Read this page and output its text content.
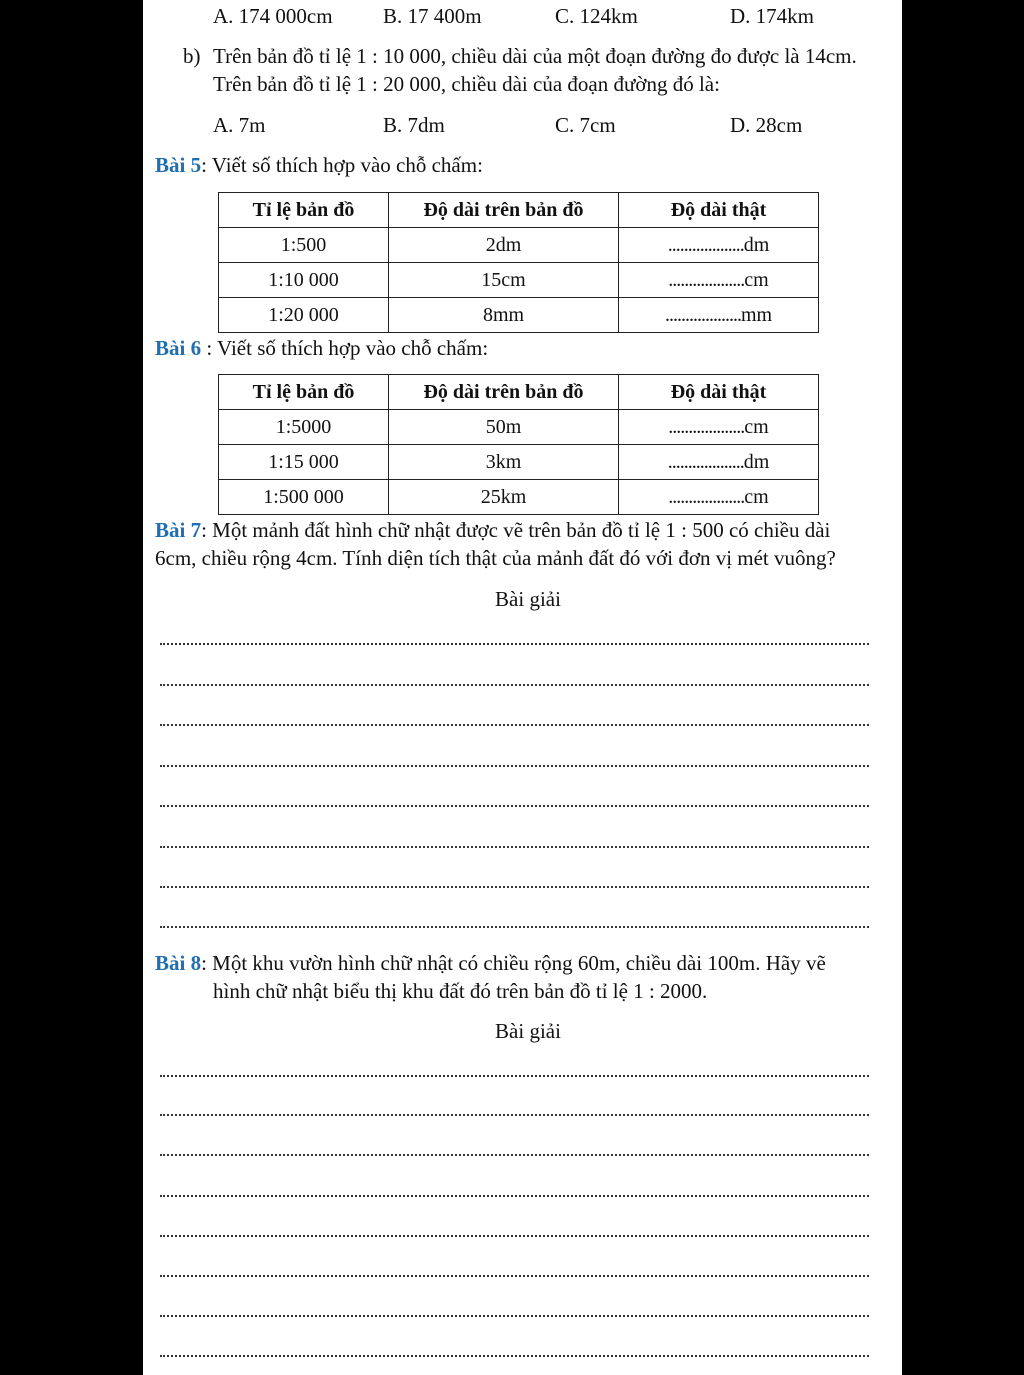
A. 174 000cm B. 17 400m	C. 124km	D. 174km
b) Trên bản đồ tỉ lệ 1 : 10 000, chiều dài của một đoạn đường đo được là 14cm.
Trên bản đồ tỉ lệ 1 : 20 000, chiều dài của đoạn đường đó là:
A. 7m	B. 7dm	C. 7cm	D. 28cm
Bài 5: Viết số thích hợp vào chỗ chấm:
Tỉ lệ bản đồ	Độ dài trên bản đồ	Độ dài thật
1:500	2dm	...................dm
1:10 000	15cm	...................cm
1:20 000	8mm	...................mm
Bài 6 : Viết số thích hợp vào chỗ chấm:
Tỉ lệ bản đồ	Độ dài trên bản đồ	Độ dài thật
1:5000	50m	...................cm
1:15 000	3km	...................dm
1:500 000	25km	...................cm
Bài 7: Một mảnh đất hình chữ nhật được vẽ trên bản đồ tỉ lệ 1 : 500 có chiều dài
6cm, chiều rộng 4cm. Tính diện tích thật của mảnh đất đó với đơn vị mét vuông?
Bài giải
Bài 8: Một khu vườn hình chữ nhật có chiều rộng 60m, chiều dài 100m. Hãy vẽ
hình chữ nhật biểu thị khu đất đó trên bản đồ tỉ lệ 1 : 2000.
Bài giải
